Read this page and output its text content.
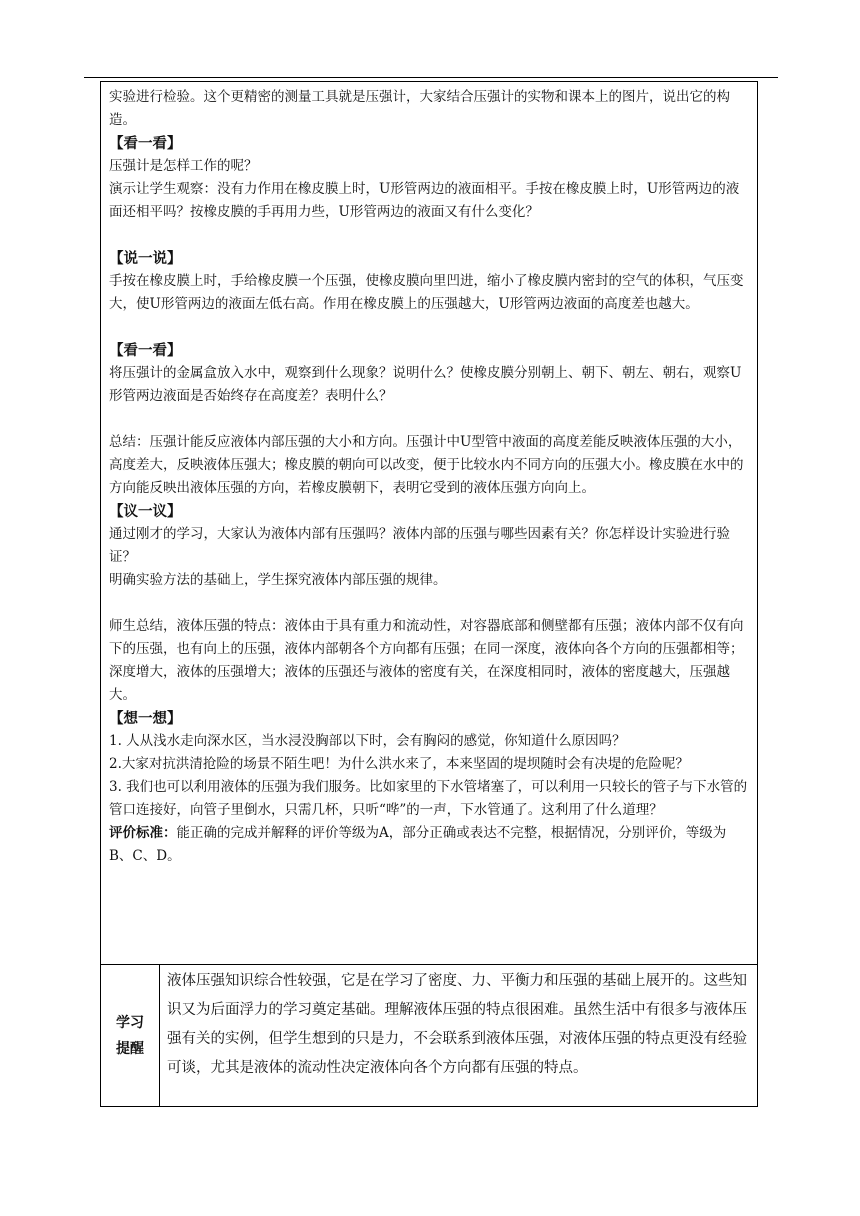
实验进行检验。这个更精密的测量工具就是压强计，大家结合压强计的实物和课本上的图片，说出它的构造。

【看一看】

压强计是怎样工作的呢？

演示让学生观察：没有力作用在橡皮膜上时，U形管两边的液面相平。手按在橡皮膜上时，U形管两边的液面还相平吗？按橡皮膜的手再用力些，U形管两边的液面又有什么变化？

【说一说】

手按在橡皮膜上时，手给橡皮膜一个压强，使橡皮膜向里凹进，缩小了橡皮膜内密封的空气的体积，气压变大，使U形管两边的液面左低右高。作用在橡皮膜上的压强越大，U形管两边液面的高度差也越大。

【看一看】

将压强计的金属盒放入水中，观察到什么现象？说明什么？使橡皮膜分别朝上、朝下、朝左、朝右，观察U形管两边液面是否始终存在高度差？表明什么？

总结：压强计能反应液体内部压强的大小和方向。压强计中U型管中液面的高度差能反映液体压强的大小，高度差大，反映液体压强大；橡皮膜的朝向可以改变，便于比较水内不同方向的压强大小。橡皮膜在水中的方向能反映出液体压强的方向，若橡皮膜朝下，表明它受到的液体压强方向向上。

【议一议】

通过刚才的学习，大家认为液体内部有压强吗？液体内部的压强与哪些因素有关？你怎样设计实验进行验证？

明确实验方法的基础上，学生探究液体内部压强的规律。

师生总结，液体压强的特点：液体由于具有重力和流动性，对容器底部和侧壁都有压强；液体内部不仅有向下的压强，也有向上的压强，液体内部朝各个方向都有压强；在同一深度，液体向各个方向的压强都相等；深度增大，液体的压强增大；液体的压强还与液体的密度有关，在深度相同时，液体的密度越大，压强越大。

【想一想】

1. 人从浅水走向深水区，当水浸没胸部以下时，会有胸闷的感觉，你知道什么原因吗？

2.大家对抗洪清抢险的场景不陌生吧！为什么洪水来了，本来坚固的堤坝随时会有决堤的危险呢？

3. 我们也可以利用液体的压强为我们服务。比如家里的下水管堵塞了，可以利用一只较长的管子与下水管的管口连接好，向管子里倒水，只需几杯，只听“哗”的一声，下水管通了。这利用了什么道理？

评价标准：能正确的完成并解释的评价等级为A，部分正确或表达不完整，根据情况，分别评价，等级为B、C、D。

学习提醒
液体压强知识综合性较强，它是在学习了密度、力、平衡力和压强的基础上展开的。这些知识又为后面浮力的学习奠定基础。理解液体压强的特点很困难。虽然生活中有很多与液体压强有关的实例，但学生想到的只是力，不会联系到液体压强，对液体压强的特点更没有经验可谈，尤其是液体的流动性决定液体向各个方向都有压强的特点。
